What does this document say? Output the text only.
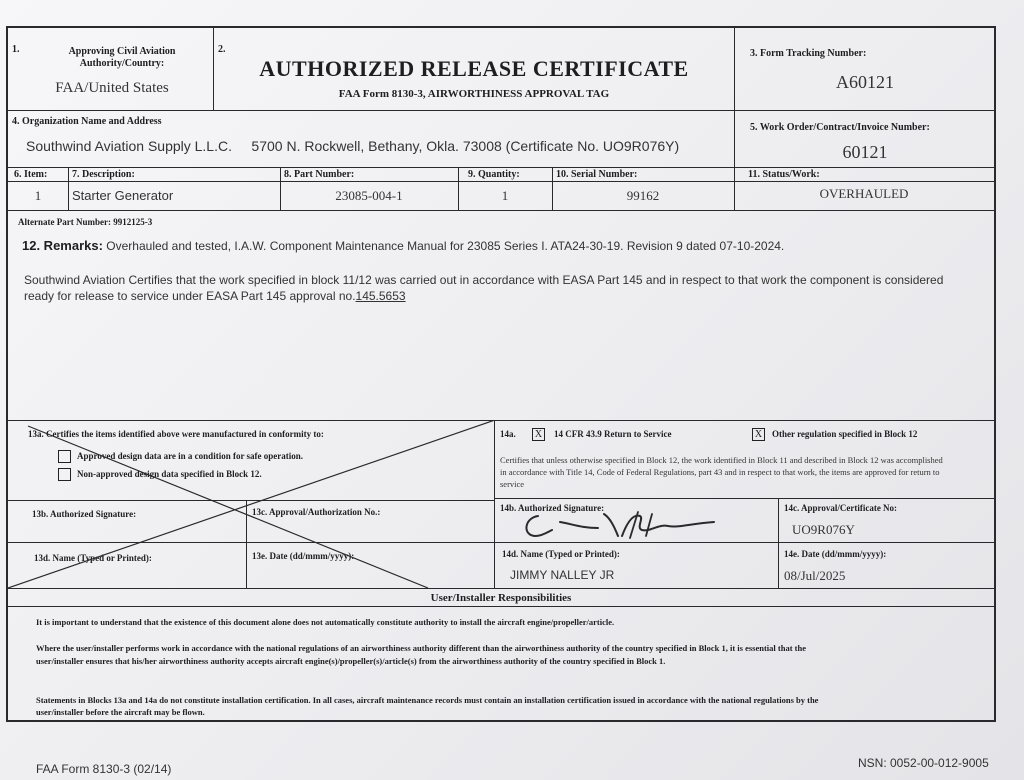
1.	Approving Civil Aviation
Authority/Country:
FAA/United States
2.
AUTHORIZED RELEASE CERTIFICATE
FAA Form 8130-3, AIRWORTHINESS APPROVAL TAG
3. Form Tracking Number:
A60121
4. Organization Name and Address
Southwind Aviation Supply L.L.C.     5700 N. Rockwell, Bethany, Okla. 73008 (Certificate No. UO9R076Y)
5. Work Order/Contract/Invoice Number:
60121
6. Item: 7. Description:	8. Part Number:	9. Quantity:	10. Serial Number:	11. Status/Work:
1	Starter Generator	23085-004-1	1	99162	OVERHAULED
Alternate Part Number: 9912125-3
12. Remarks: Overhauled and tested, I.A.W. Component Maintenance Manual for 23085 Series I. ATA24-30-19. Revision 9 dated 07-10-2024.
Southwind Aviation Certifies that the work specified in block 11/12 was carried out in accordance with EASA Part 145 and in respect to that work the component is considered ready for release to service under EASA Part 145 approval no.145.5653
13a. Certifies the items identified above were manufactured in conformity to:
Approved design data are in a condition for safe operation.
Non-approved design data specified in Block 12.
14a. X	14 CFR 43.9 Return to Service	X	Other regulation specified in Block 12
Certifies that unless otherwise specified in Block 12, the work identified in Block 11 and described in Block 12 was accomplished in accordance with Title 14, Code of Federal Regulations, part 43 and in respect to that work, the items are approved for return to service
13b. Authorized Signature:	13c. Approval/Authorization No.:
13d. Name (Typed or Printed):	13e. Date (dd/mmm/yyyy):
14b. Authorized Signature:	14c. Approval/Certificate No:
UO9R076Y
14d. Name (Typed or Printed):
JIMMY NALLEY JR
14e. Date (dd/mmm/yyyy):
08/Jul/2025
User/Installer Responsibilities
It is important to understand that the existence of this document alone does not automatically constitute authority to install the aircraft engine/propeller/article.
Where the user/installer performs work in accordance with the national regulations of an airworthiness authority different than the airworthiness authority of the country specified in Block 1, it is essential that the user/installer ensures that his/her airworthiness authority accepts aircraft engine(s)/propeller(s)/article(s) from the airworthiness authority of the country specified in Block 1.
Statements in Blocks 13a and 14a do not constitute installation certification. In all cases, aircraft maintenance records must contain an installation certification issued in accordance with the national regulations by the user/installer before the aircraft may be flown.
FAA Form 8130-3 (02/14)	NSN: 0052-00-012-9005
